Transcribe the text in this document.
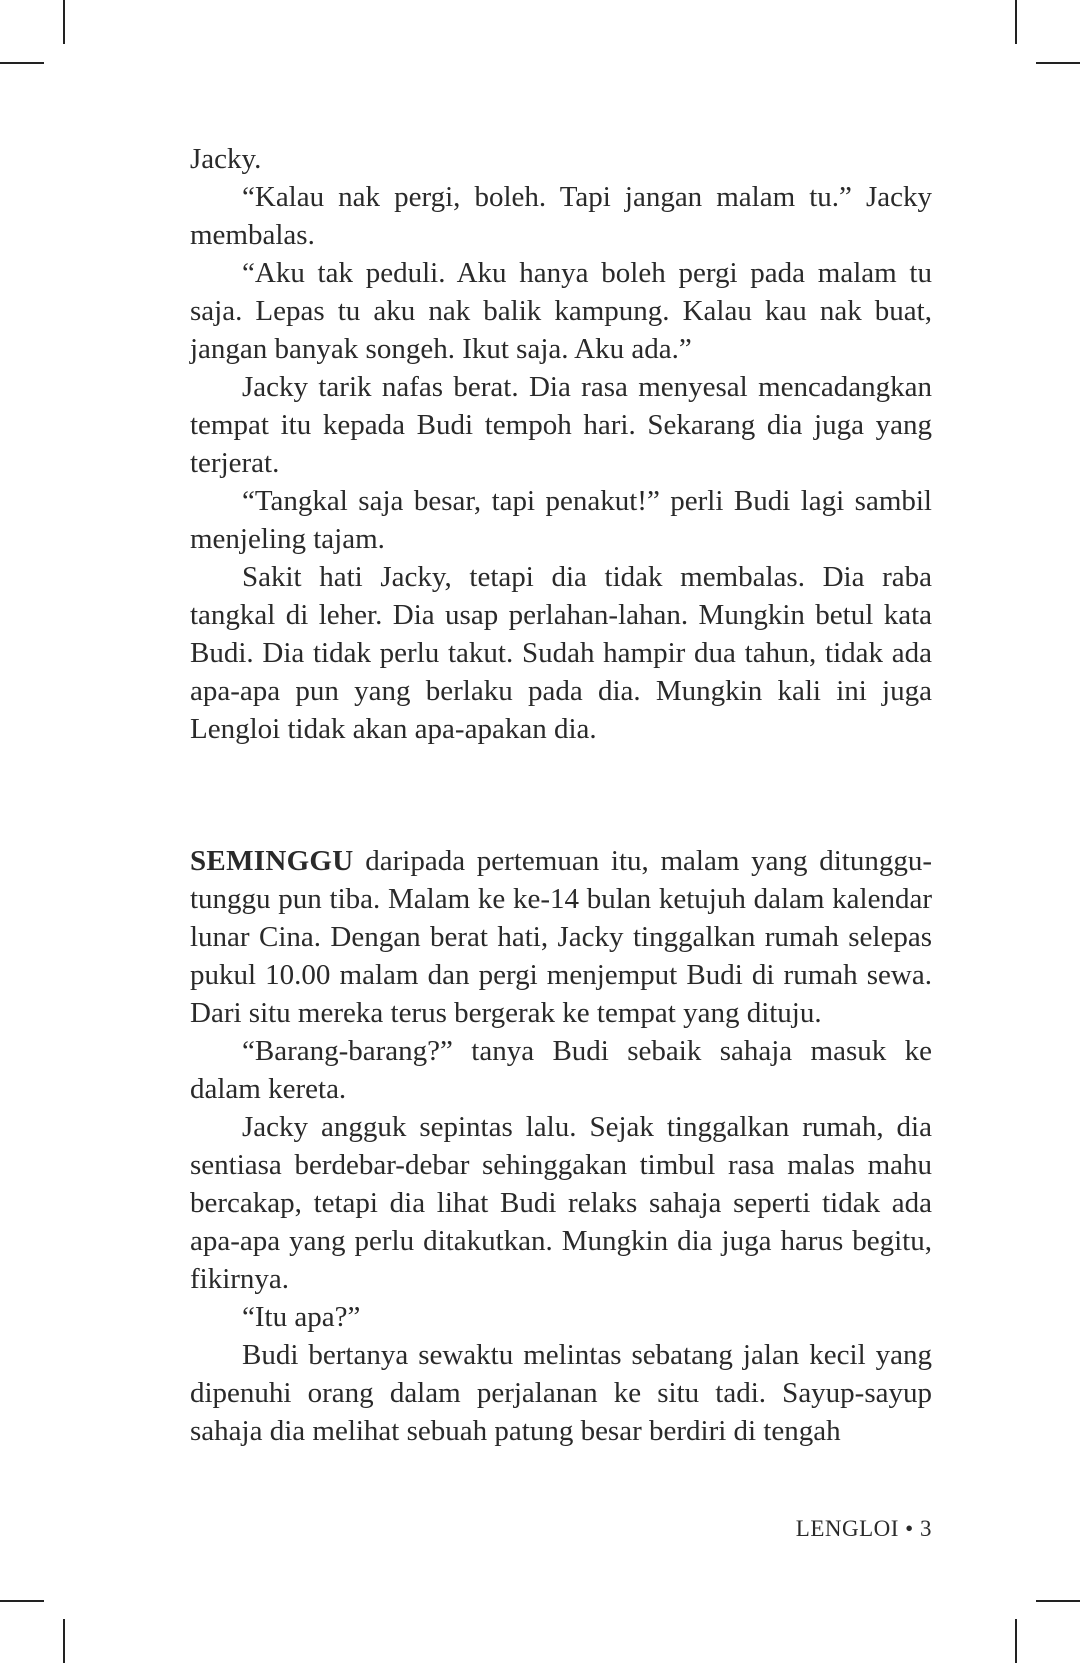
Jacky.

“Kalau nak pergi, boleh. Tapi jangan malam tu.” Jacky membalas.

“Aku tak peduli. Aku hanya boleh pergi pada malam tu saja. Lepas tu aku nak balik kampung. Kalau kau nak buat, jangan banyak songeh. Ikut saja. Aku ada.”

Jacky tarik nafas berat. Dia rasa menyesal mencadangkan tempat itu kepada Budi tempoh hari. Sekarang dia juga yang terjerat.

“Tangkal saja besar, tapi penakut!” perli Budi lagi sambil menjeling tajam.

Sakit hati Jacky, tetapi dia tidak membalas. Dia raba tangkal di leher. Dia usap perlahan-lahan. Mungkin betul kata Budi. Dia tidak perlu takut. Sudah hampir dua tahun, tidak ada apa-apa pun yang berlaku pada dia. Mungkin kali ini juga Lengloi tidak akan apa-apakan dia.

SEMINGGU daripada pertemuan itu, malam yang ditunggu-tunggu pun tiba. Malam ke ke-14 bulan ketujuh dalam kalendar lunar Cina. Dengan berat hati, Jacky tinggalkan rumah selepas pukul 10.00 malam dan pergi menjemput Budi di rumah sewa. Dari situ mereka terus bergerak ke tempat yang dituju.

“Barang-barang?” tanya Budi sebaik sahaja masuk ke dalam kereta.

Jacky angguk sepintas lalu. Sejak tinggalkan rumah, dia sentiasa berdebar-debar sehinggakan timbul rasa malas mahu bercakap, tetapi dia lihat Budi relaks sahaja seperti tidak ada apa-apa yang perlu ditakutkan. Mungkin dia juga harus begitu, fikirnya.

“Itu apa?”

Budi bertanya sewaktu melintas sebatang jalan kecil yang dipenuhi orang dalam perjalanan ke situ tadi. Sayup-sayup sahaja dia melihat sebuah patung besar berdiri di tengah

LENGLOI • 3
